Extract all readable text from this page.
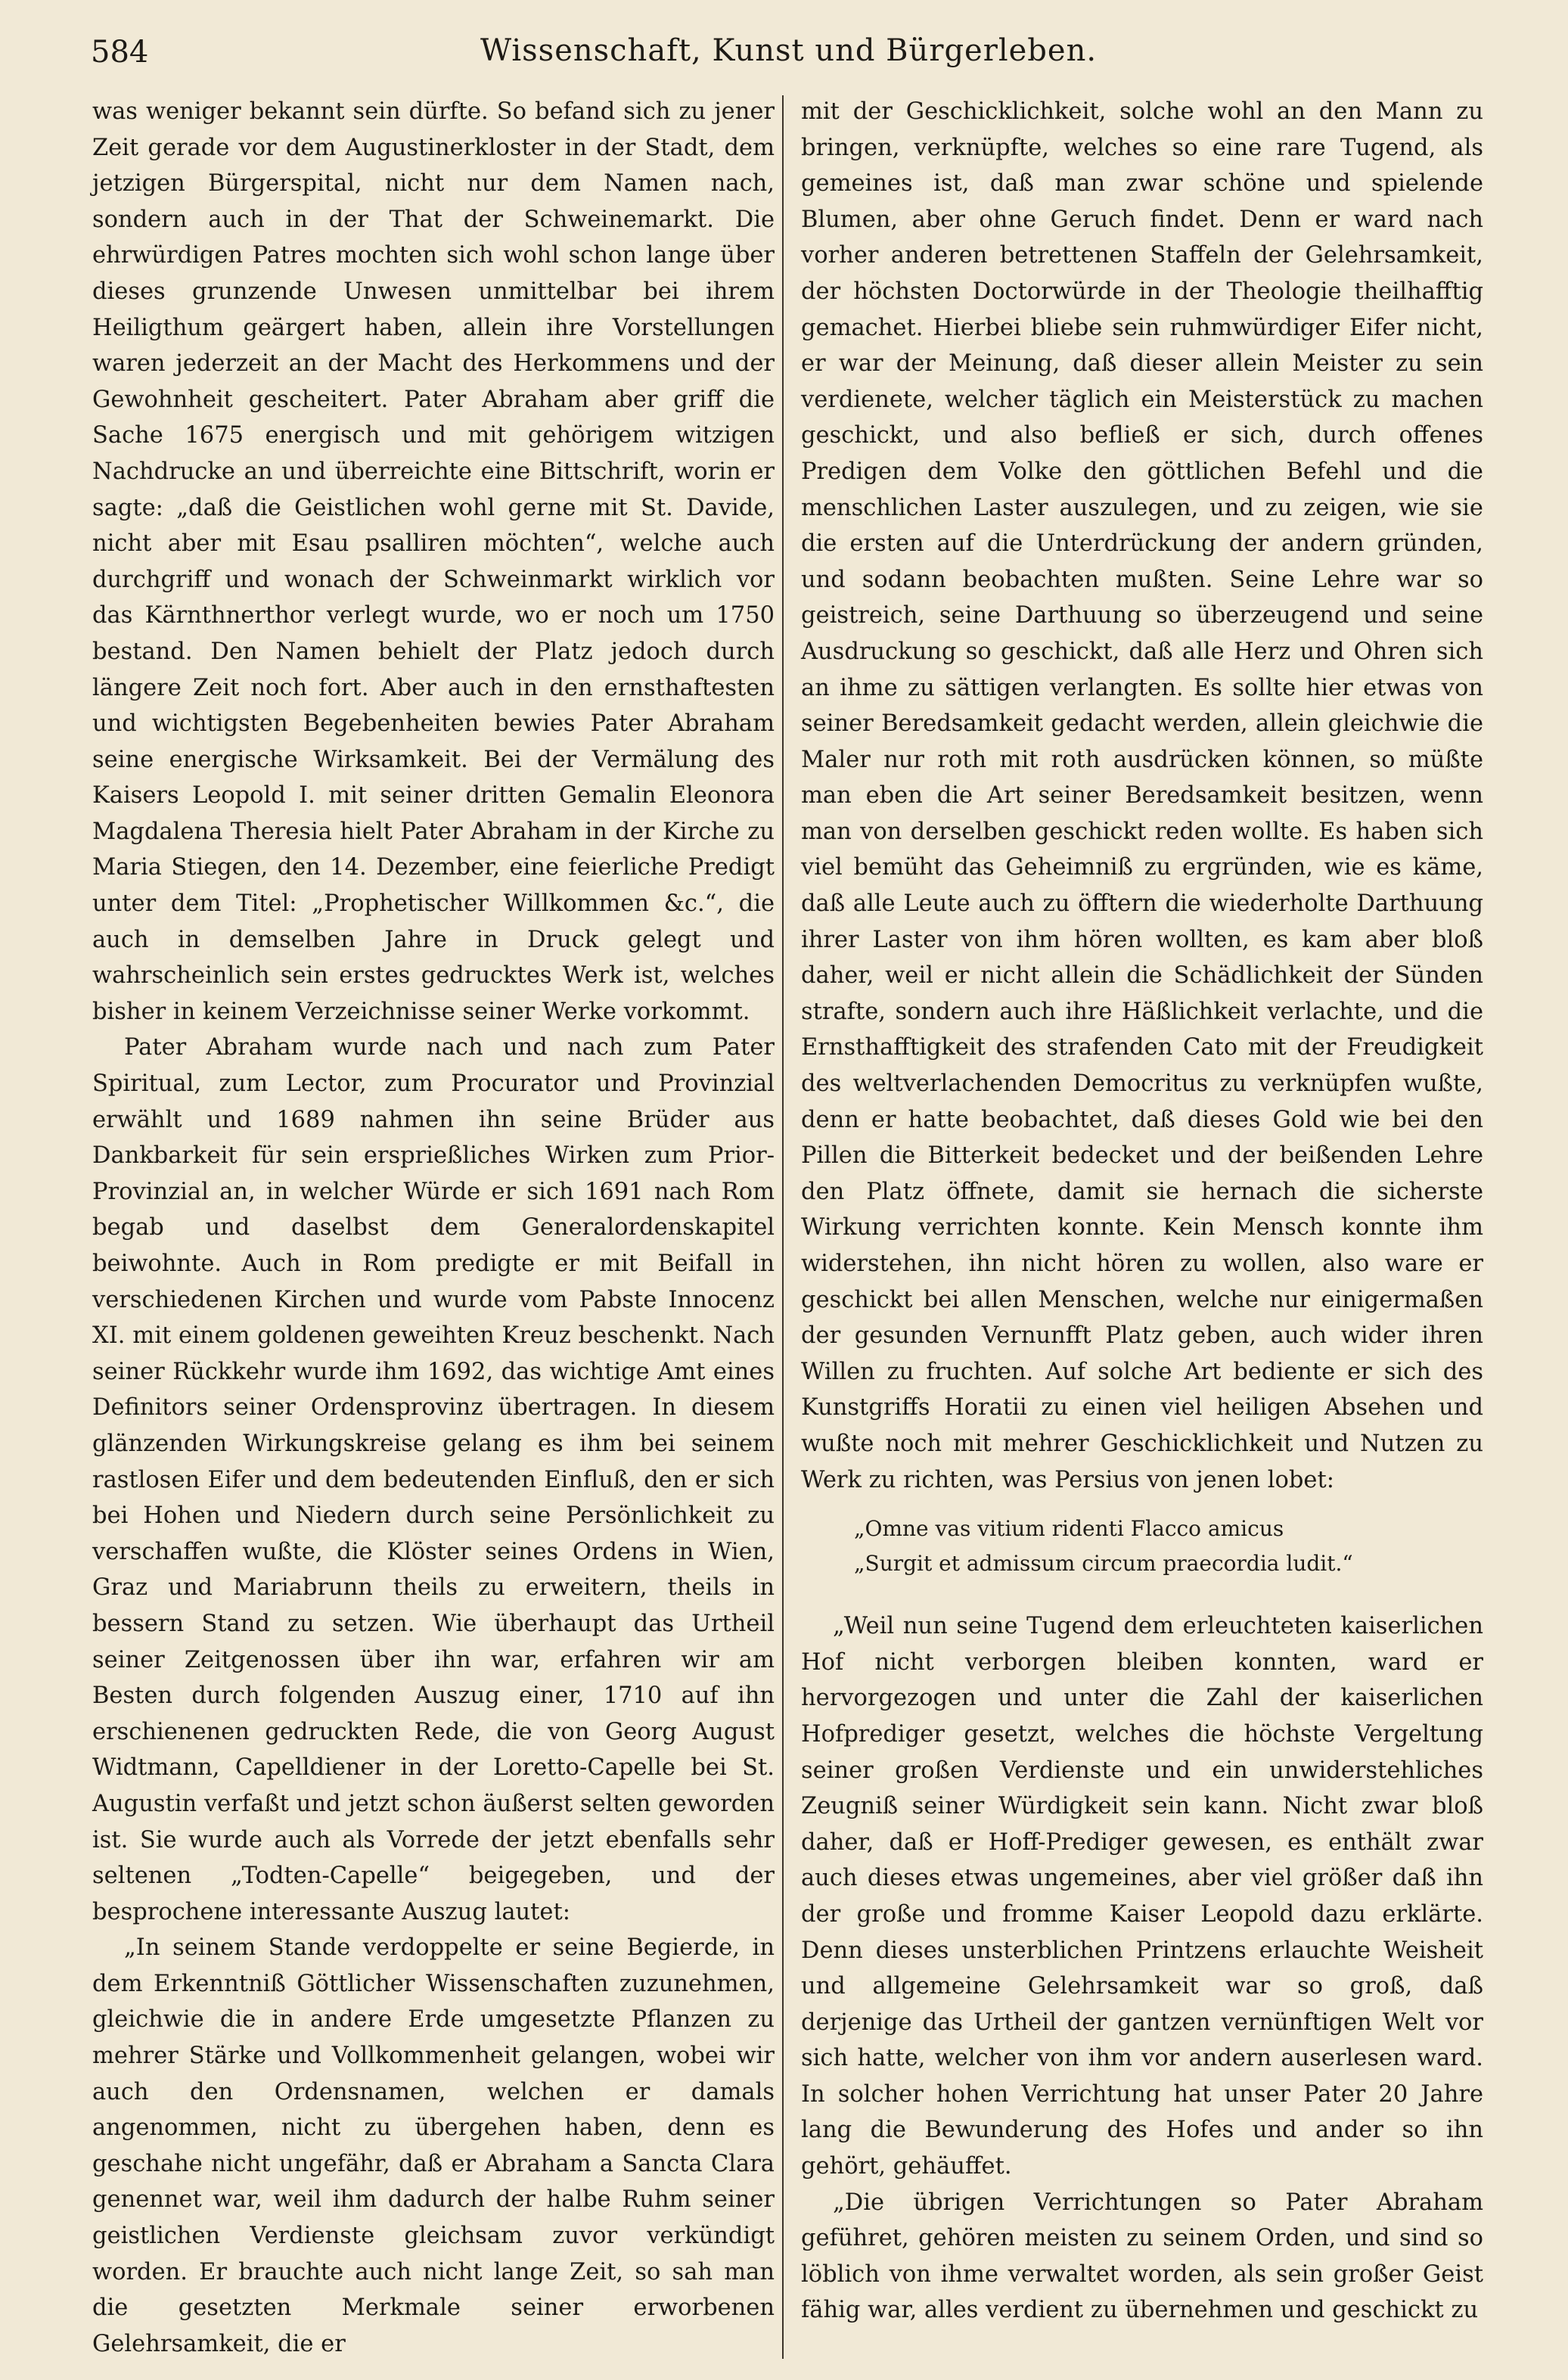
584	Wissenschaft, Kunst und Bürgerleben.

was weniger bekannt sein dürfte. So befand sich zu jener Zeit gerade vor dem Augustinerkloster in der Stadt, dem jetzigen Bürgerspital, nicht nur dem Namen nach, sondern auch in der That der Schweinemarkt. Die ehrwürdigen Patres mochten sich wohl schon lange über dieses grunzende Unwesen unmittelbar bei ihrem Heiligthum geärgert haben, allein ihre Vorstellungen waren jederzeit an der Macht des Herkommens und der Gewohnheit gescheitert. Pater Abraham aber griff die Sache 1675 energisch und mit gehörigem witzigen Nachdrucke an und überreichte eine Bittschrift, worin er sagte: „daß die Geistlichen wohl gerne mit St. Davide, nicht aber mit Esau psalliren möchten“, welche auch durchgriff und wonach der Schweinmarkt wirklich vor das Kärnthnerthor verlegt wurde, wo er noch um 1750 bestand. Den Namen behielt der Platz jedoch durch längere Zeit noch fort. Aber auch in den ernsthaftesten und wichtigsten Begebenheiten bewies Pater Abraham seine energische Wirksamkeit. Bei der Vermälung des Kaisers Leopold I. mit seiner dritten Gemalin Eleonora Magdalena Theresia hielt Pater Abraham in der Kirche zu Maria Stiegen, den 14. Dezember, eine feierliche Predigt unter dem Titel: „Prophetischer Willkommen &c.“, die auch in demselben Jahre in Druck gelegt und wahrscheinlich sein erstes gedrucktes Werk ist, welches bisher in keinem Verzeichnisse seiner Werke vorkommt.

Pater Abraham wurde nach und nach zum Pater Spiritual, zum Lector, zum Procurator und Provinzial erwählt und 1689 nahmen ihn seine Brüder aus Dankbarkeit für sein ersprießliches Wirken zum Prior-Provinzial an, in welcher Würde er sich 1691 nach Rom begab und daselbst dem Generalordenskapitel beiwohnte. Auch in Rom predigte er mit Beifall in verschiedenen Kirchen und wurde vom Pabste Innocenz XI. mit einem goldenen geweihten Kreuz beschenkt. Nach seiner Rückkehr wurde ihm 1692, das wichtige Amt eines Definitors seiner Ordensprovinz übertragen. In diesem glänzenden Wirkungskreise gelang es ihm bei seinem rastlosen Eifer und dem bedeutenden Einfluß, den er sich bei Hohen und Niedern durch seine Persönlichkeit zu verschaffen wußte, die Klöster seines Ordens in Wien, Graz und Mariabrunn theils zu erweitern, theils in bessern Stand zu setzen. Wie überhaupt das Urtheil seiner Zeitgenossen über ihn war, erfahren wir am Besten durch folgenden Auszug einer, 1710 auf ihn erschienenen gedruckten Rede, die von Georg August Widtmann, Capelldiener in der Loretto-Capelle bei St. Augustin verfaßt und jetzt schon äußerst selten geworden ist. Sie wurde auch als Vorrede der jetzt ebenfalls sehr seltenen „Todten-Capelle“ beigegeben, und der besprochene interessante Auszug lautet:

„In seinem Stande verdoppelte er seine Begierde, in dem Erkenntniß Göttlicher Wissenschaften zuzunehmen, gleichwie die in andere Erde umgesetzte Pflanzen zu mehrer Stärke und Vollkommenheit gelangen, wobei wir auch den Ordensnamen, welchen er damals angenommen, nicht zu übergehen haben, denn es geschahe nicht ungefähr, daß er Abraham a Sancta Clara genennet war, weil ihm dadurch der halbe Ruhm seiner geistlichen Verdienste gleichsam zuvor verkündigt worden. Er brauchte auch nicht lange Zeit, so sah man die gesetzten Merkmale seiner erworbenen Gelehrsamkeit, die er

mit der Geschicklichkeit, solche wohl an den Mann zu bringen, verknüpfte, welches so eine rare Tugend, als gemeines ist, daß man zwar schöne und spielende Blumen, aber ohne Geruch findet. Denn er ward nach vorher anderen betrettenen Staffeln der Gelehrsamkeit, der höchsten Doctorwürde in der Theologie theilhafftig gemachet. Hierbei bliebe sein ruhmwürdiger Eifer nicht, er war der Meinung, daß dieser allein Meister zu sein verdienete, welcher täglich ein Meisterstück zu machen geschickt, und also befließ er sich, durch offenes Predigen dem Volke den göttlichen Befehl und die menschlichen Laster auszulegen, und zu zeigen, wie sie die ersten auf die Unterdrückung der andern gründen, und sodann beobachten mußten. Seine Lehre war so geistreich, seine Darthuung so überzeugend und seine Ausdruckung so geschickt, daß alle Herz und Ohren sich an ihme zu sättigen verlangten. Es sollte hier etwas von seiner Beredsamkeit gedacht werden, allein gleichwie die Maler nur roth mit roth ausdrücken können, so müßte man eben die Art seiner Beredsamkeit besitzen, wenn man von derselben geschickt reden wollte. Es haben sich viel bemüht das Geheimniß zu ergründen, wie es käme, daß alle Leute auch zu öfftern die wiederholte Darthuung ihrer Laster von ihm hören wollten, es kam aber bloß daher, weil er nicht allein die Schädlichkeit der Sünden strafte, sondern auch ihre Häßlichkeit verlachte, und die Ernsthafftigkeit des strafenden Cato mit der Freudigkeit des weltverlachenden Democritus zu verknüpfen wußte, denn er hatte beobachtet, daß dieses Gold wie bei den Pillen die Bitterkeit bedecket und der beißenden Lehre den Platz öffnete, damit sie hernach die sicherste Wirkung verrichten konnte. Kein Mensch konnte ihm widerstehen, ihn nicht hören zu wollen, also ware er geschickt bei allen Menschen, welche nur einigermaßen der gesunden Vernunfft Platz geben, auch wider ihren Willen zu fruchten. Auf solche Art bediente er sich des Kunstgriffs Horatii zu einen viel heiligen Absehen und wußte noch mit mehrer Geschicklichkeit und Nutzen zu Werk zu richten, was Persius von jenen lobet:

„Omne vas vitium ridenti Flacco amicus
„Surgit et admissum circum praecordia ludit.“

„Weil nun seine Tugend dem erleuchteten kaiserlichen Hof nicht verborgen bleiben konnten, ward er hervorgezogen und unter die Zahl der kaiserlichen Hofprediger gesetzt, welches die höchste Vergeltung seiner großen Verdienste und ein unwiderstehliches Zeugniß seiner Würdigkeit sein kann. Nicht zwar bloß daher, daß er Hoff-Prediger gewesen, es enthält zwar auch dieses etwas ungemeines, aber viel größer daß ihn der große und fromme Kaiser Leopold dazu erklärte. Denn dieses unsterblichen Printzens erlauchte Weisheit und allgemeine Gelehrsamkeit war so groß, daß derjenige das Urtheil der gantzen vernünftigen Welt vor sich hatte, welcher von ihm vor andern auserlesen ward. In solcher hohen Verrichtung hat unser Pater 20 Jahre lang die Bewunderung des Hofes und ander so ihn gehört, gehäuffet.

„Die übrigen Verrichtungen so Pater Abraham geführet, gehören meisten zu seinem Orden, und sind so löblich von ihme verwaltet worden, als sein großer Geist fähig war, alles verdient zu übernehmen und geschickt zu
